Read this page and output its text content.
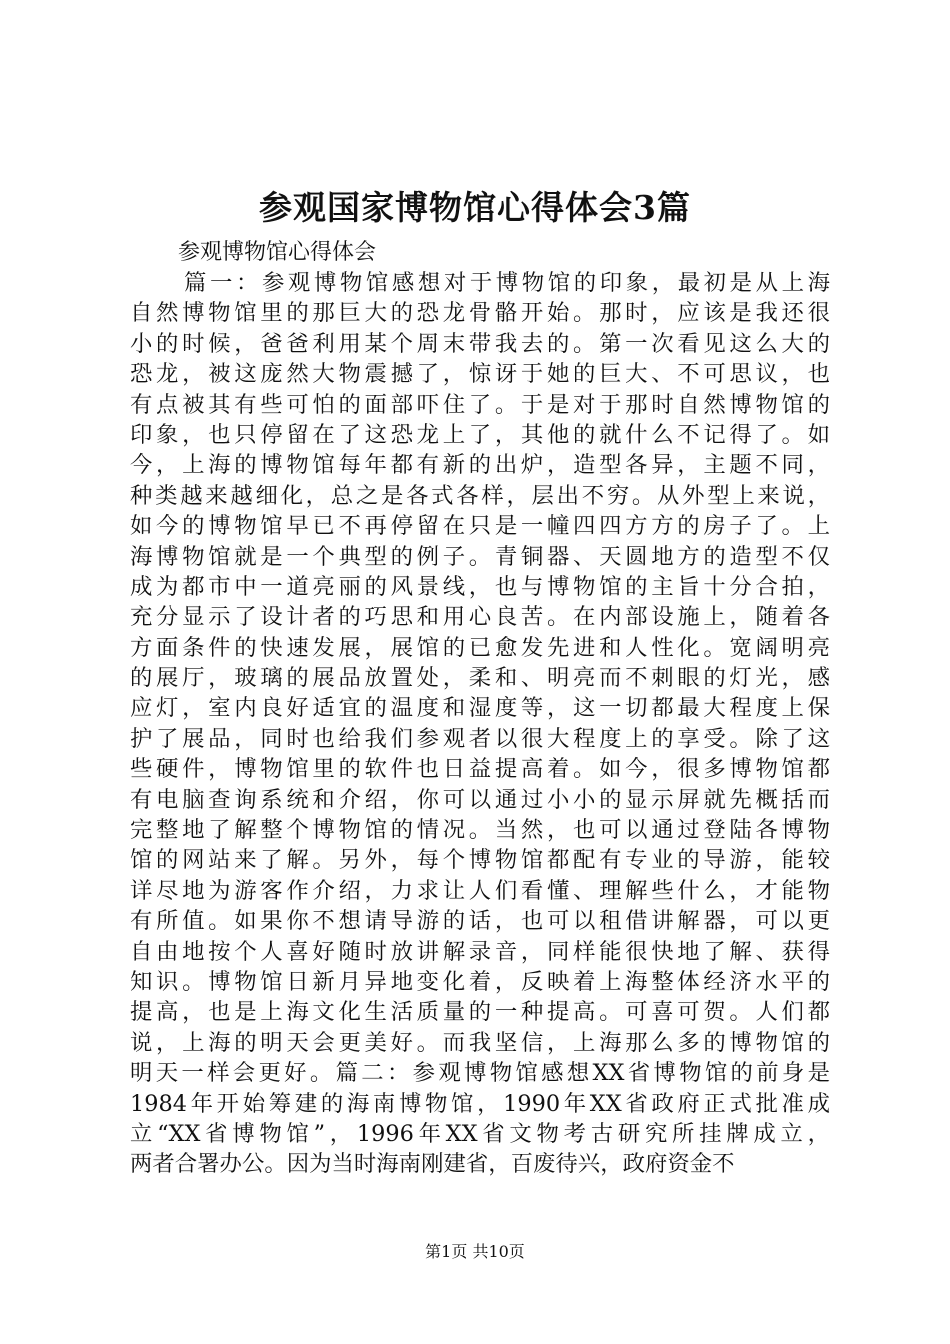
参观国家博物馆心得体会3篇
参观博物馆心得体会
篇一：参观博物馆感想对于博物馆的印象，最初是从上海
自然博物馆里的那巨大的恐龙骨骼开始。那时，应该是我还很
小的时候，爸爸利用某个周末带我去的。第一次看见这么大的
恐龙，被这庞然大物震撼了，惊讶于她的巨大、不可思议，也
有点被其有些可怕的面部吓住了。于是对于那时自然博物馆的
印象，也只停留在了这恐龙上了，其他的就什么不记得了。如
今，上海的博物馆每年都有新的出炉，造型各异，主题不同，
种类越来越细化，总之是各式各样，层出不穷。从外型上来说，
如今的博物馆早已不再停留在只是一幢四四方方的房子了。上
海博物馆就是一个典型的例子。青铜器、天圆地方的造型不仅
成为都市中一道亮丽的风景线，也与博物馆的主旨十分合拍，
充分显示了设计者的巧思和用心良苦。在内部设施上，随着各
方面条件的快速发展，展馆的已愈发先进和人性化。宽阔明亮
的展厅，玻璃的展品放置处，柔和、明亮而不刺眼的灯光，感
应灯，室内良好适宜的温度和湿度等，这一切都最大程度上保
护了展品，同时也给我们参观者以很大程度上的享受。除了这
些硬件，博物馆里的软件也日益提高着。如今，很多博物馆都
有电脑查询系统和介绍，你可以通过小小的显示屏就先概括而
完整地了解整个博物馆的情况。当然，也可以通过登陆各博物
馆的网站来了解。另外，每个博物馆都配有专业的导游，能较
详尽地为游客作介绍，力求让人们看懂、理解些什么，才能物
有所值。如果你不想请导游的话，也可以租借讲解器，可以更
自由地按个人喜好随时放讲解录音，同样能很快地了解、获得
知识。博物馆日新月异地变化着，反映着上海整体经济水平的
提高，也是上海文化生活质量的一种提高。可喜可贺。人们都
说，上海的明天会更美好。而我坚信，上海那么多的博物馆的
明天一样会更好。篇二：参观博物馆感想XX省博物馆的前身是
1984年开始筹建的海南博物馆，1990年XX省政府正式批准成
立“XX省博物馆”，1996年XX省文物考古研究所挂牌成立，
两者合署办公。因为当时海南刚建省，百废待兴，政府资金不
第1页 共10页
